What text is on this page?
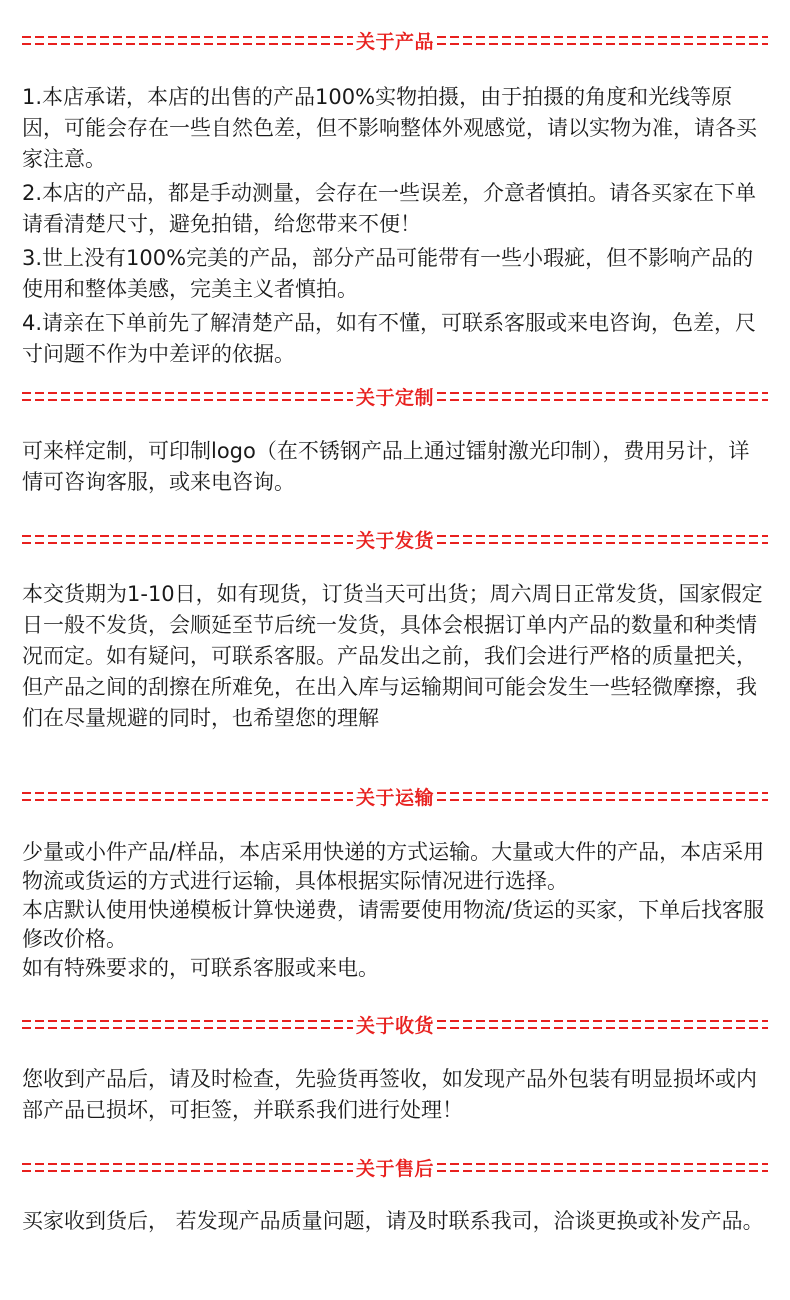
关于产品

1.本店承诺，本店的出售的产品100%实物拍摄，由于拍摄的角度和光线等原因，可能会存在一些自然色差，但不影响整体外观感觉，请以实物为准，请各买家注意。

2.本店的产品，都是手动测量，会存在一些误差，介意者慎拍。请各买家在下单请看清楚尺寸，避免拍错，给您带来不便！

3.世上没有100%完美的产品，部分产品可能带有一些小瑕疵，但不影响产品的使用和整体美感，完美主义者慎拍。

4.请亲在下单前先了解清楚产品，如有不懂，可联系客服或来电咨询，色差，尺寸问题不作为中差评的依据。

关于定制

可来样定制，可印制logo（在不锈钢产品上通过镭射激光印制），费用另计，详情可咨询客服，或来电咨询。

关于发货

本交货期为1-10日，如有现货，订货当天可出货；周六周日正常发货，国家假定日一般不发货，会顺延至节后统一发货，具体会根据订单内产品的数量和种类情况而定。如有疑问，可联系客服。产品发出之前，我们会进行严格的质量把关，但产品之间的刮擦在所难免，在出入库与运输期间可能会发生一些轻微摩擦，我们在尽量规避的同时，也希望您的理解

关于运输

少量或小件产品/样品，本店采用快递的方式运输。大量或大件的产品，本店采用物流或货运的方式进行运输，具体根据实际情况进行选择。

本店默认使用快递模板计算快递费，请需要使用物流/货运的买家，下单后找客服修改价格。

如有特殊要求的，可联系客服或来电。

关于收货

您收到产品后，请及时检查，先验货再签收，如发现产品外包装有明显损坏或内部产品已损坏，可拒签，并联系我们进行处理！

关于售后

买家收到货后， 若发现产品质量问题，请及时联系我司，洽谈更换或补发产品。
